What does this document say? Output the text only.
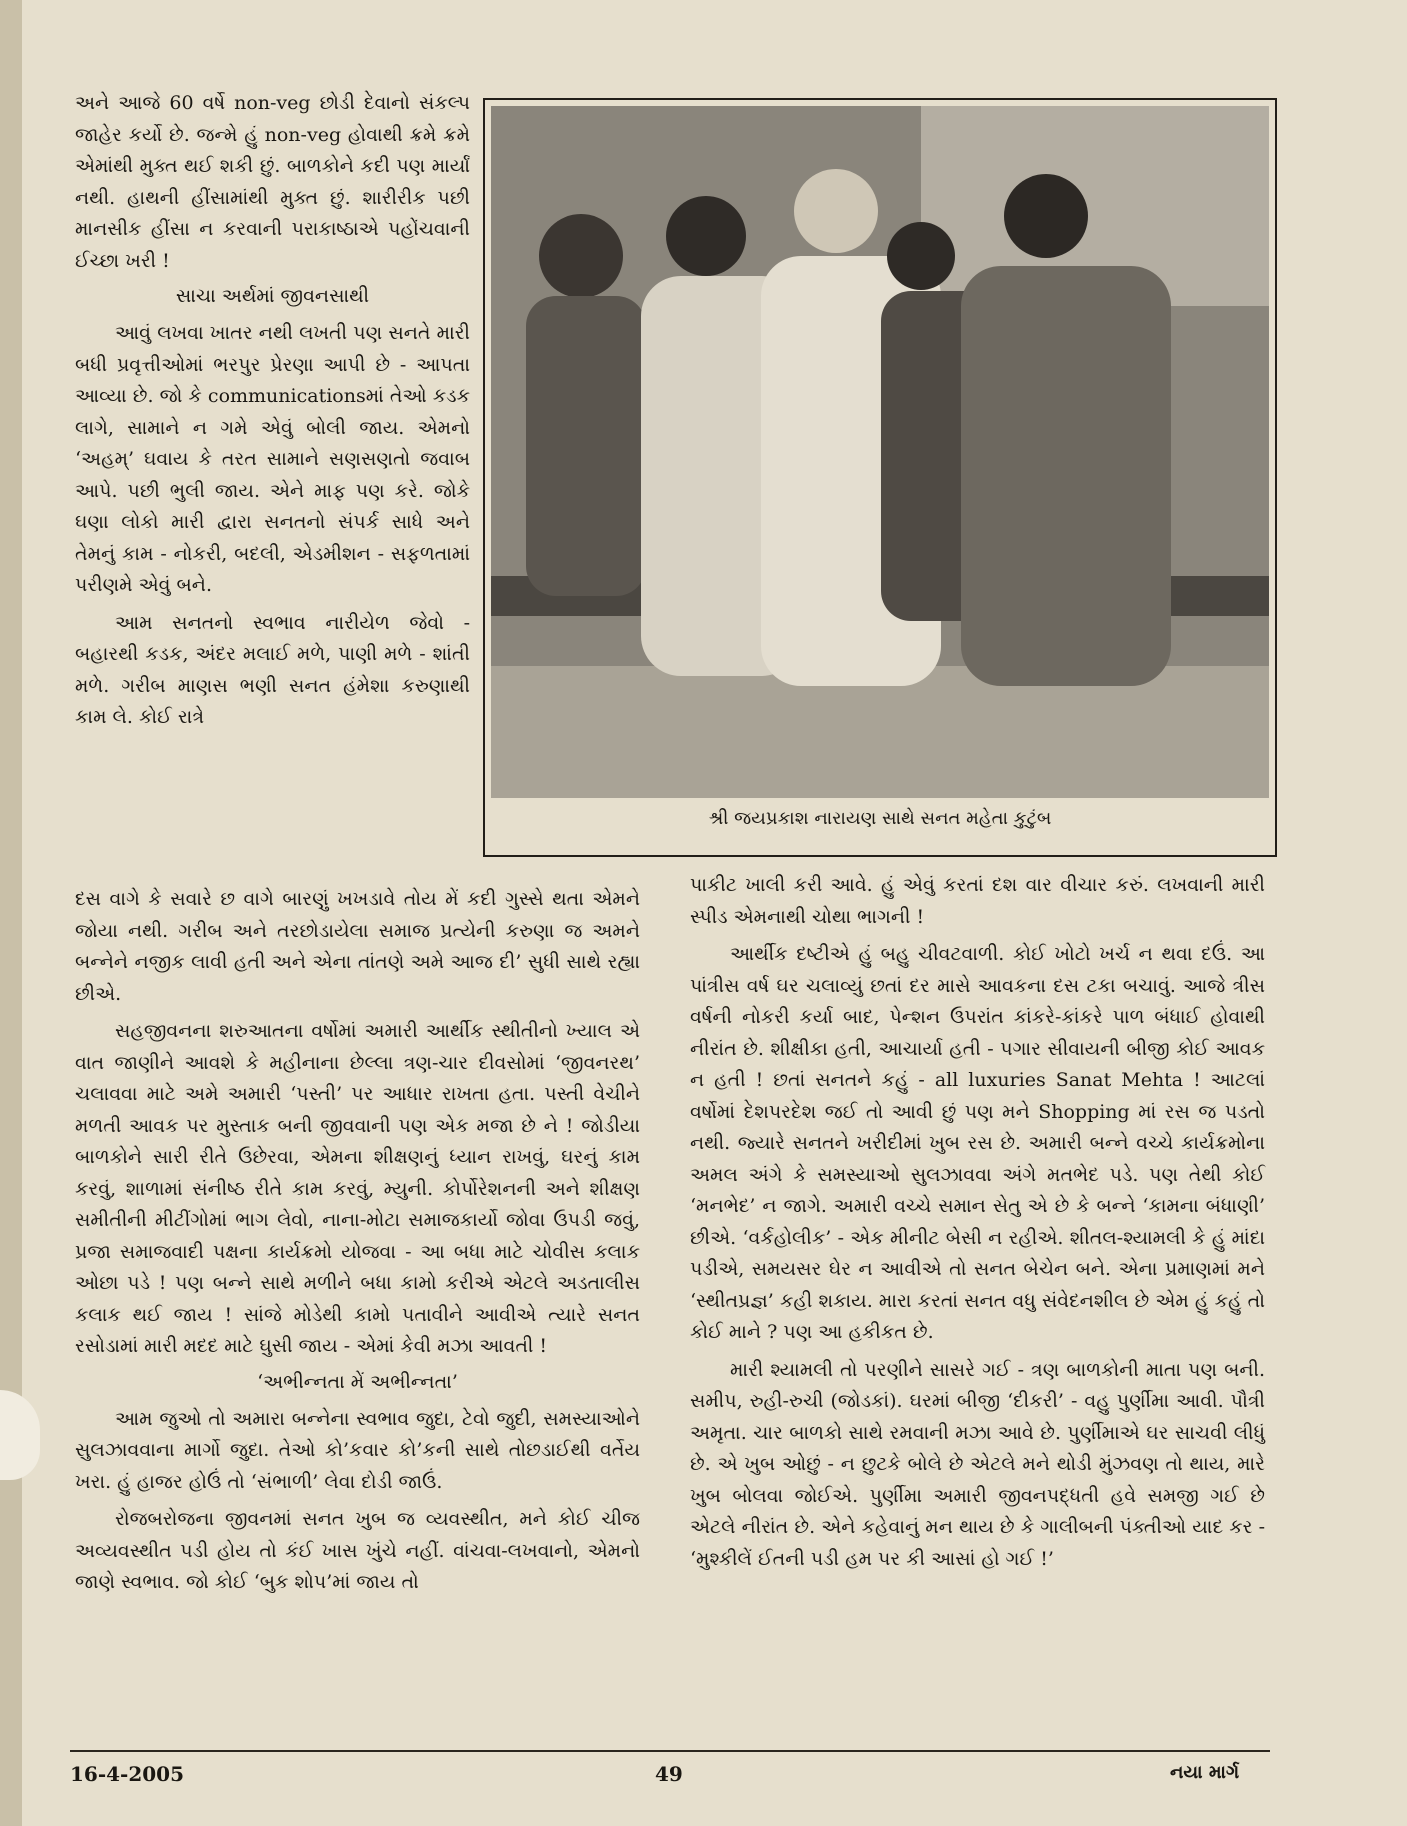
અને આજે 60 વર્ષે non-veg છોડી દેવાનો સંકલ્પ જાહેર કર્યો છે. જન્મે હું non-veg હોવાથી ક્રમે ક્રમે એમાંથી મુક્ત થઈ શકી છું. બાળકોને કદી પણ માર્યાં નથી. હાથની હીંસામાંથી મુક્ત છું. શારીરીક પછી માનસીક હીંસા ન કરવાની પરાકાષ્ઠાએ પહોંચવાની ઈચ્છા ખરી !

સાચા અર્થમાં જીવનસાથી

આવું લખવા ખાતર નથી લખતી પણ સનતે મારી બધી પ્રવૃત્તીઓમાં ભરપુર પ્રેરણા આપી છે - આપતા આવ્યા છે. જો કે communicationsમાં તેઓ કડક લાગે, સામાને ન ગમે એવું બોલી જાય. એમનો ‘અહમ્’ ઘવાય કે તરત સામાને સણસણતો જવાબ આપે. પછી ભુલી જાય. એને માફ પણ કરે. જોકે ઘણા લોકો મારી દ્વારા સનતનો સંપર્ક સાધે અને તેમનું કામ - નોકરી, બદલી, એડમીશન - સફળતામાં પરીણમે એવું બને.

આમ સનતનો સ્વભાવ નારીયેળ જેવો - બહારથી કડક, અંદર મલાઈ મળે, પાણી મળે - શાંતી મળે. ગરીબ માણસ ભણી સનત હંમેશા કરુણાથી કામ લે. કોઈ રાત્રે

શ્રી જયપ્રકાશ નારાયણ સાથે સનત મહેતા કુટુંબ

દસ વાગે કે સવારે છ વાગે બારણું ખખડાવે તોય મેં કદી ગુસ્સે થતા એમને જોયા નથી. ગરીબ અને તરછોડાયેલા સમાજ પ્રત્યેની કરુણા જ અમને બન્નેને નજીક લાવી હતી અને એના તાંતણે અમે આજ દી’ સુધી સાથે રહ્યા છીએ.

સહજીવનના શરુઆતના વર્ષોમાં અમારી આર્થીક સ્થીતીનો ખ્યાલ એ વાત જાણીને આવશે કે મહીનાના છેલ્લા ત્રણ-ચાર દીવસોમાં ‘જીવનરથ’ ચલાવવા માટે અમે અમારી ‘પસ્તી’ પર આધાર રાખતા હતા. પસ્તી વેચીને મળતી આવક પર મુસ્તાક બની જીવવાની પણ એક મજા છે ને ! જોડીયા બાળકોને સારી રીતે ઉછેરવા, એમના શીક્ષણનું ધ્યાન રાખવું, ઘરનું કામ કરવું, શાળામાં સંનીષ્ઠ રીતે કામ કરવું, મ્યુની. કોર્પોરેશનની અને શીક્ષણ સમીતીની મીટીંગોમાં ભાગ લેવો, નાના-મોટા સમાજકાર્યો જોવા ઉપડી જવું, પ્રજા સમાજવાદી પક્ષના કાર્યક્રમો યોજવા - આ બધા માટે ચોવીસ કલાક ઓછા પડે ! પણ બન્ને સાથે મળીને બધા કામો કરીએ એટલે અડતાલીસ કલાક થઈ જાય ! સાંજે મોડેથી કામો પતાવીને આવીએ ત્યારે સનત રસોડામાં મારી મદદ માટે ઘુસી જાય - એમાં કેવી મઝા આવતી !

‘અભીન્નતા મેં અભીન્નતા’

આમ જુઓ તો અમારા બન્નેના સ્વભાવ જુદા, ટેવો જુદી, સમસ્યાઓને સુલઝાવવાના માર્ગો જુદા. તેઓ કો’કવાર કો’કની સાથે તોછડાઈથી વર્તેય ખરા. હું હાજર હોઉં તો ‘સંભાળી’ લેવા દોડી જાઉં.

રોજબરોજના જીવનમાં સનત ખુબ જ વ્યવસ્થીત, મને કોઈ ચીજ અવ્યવસ્થીત પડી હોય તો કંઈ ખાસ ખુંચે નહીં. વાંચવા-લખવાનો, એમનો જાણે સ્વભાવ. જો કોઈ ‘બુક શોપ’માં જાય તો

પાકીટ ખાલી કરી આવે. હું એવું કરતાં દશ વાર વીચાર કરું. લખવાની મારી સ્પીડ એમનાથી ચોથા ભાગની !

આર્થીક દષ્ટીએ હું બહુ ચીવટવાળી. કોઈ ખોટો ખર્ચ ન થવા દઉં. આ પાંત્રીસ વર્ષ ઘર ચલાવ્યું છતાં દર માસે આવકના દસ ટકા બચાવું. આજે ત્રીસ વર્ષની નોકરી કર્યા બાદ, પેન્શન ઉપરાંત કાંકરે-કાંકરે પાળ બંધાઈ હોવાથી નીરાંત છે. શીક્ષીકા હતી, આચાર્યા હતી - પગાર સીવાયની બીજી કોઈ આવક ન હતી ! છતાં સનતને કહું - all luxuries Sanat Mehta ! આટલાં વર્ષોમાં દેશપરદેશ જઈ તો આવી છું પણ મને Shopping માં રસ જ પડતો નથી. જ્યારે સનતને ખરીદીમાં ખુબ રસ છે. અમારી બન્ને વચ્ચે કાર્યક્રમોના અમલ અંગે કે સમસ્યાઓ સુલઝાવવા અંગે મતભેદ પડે. પણ તેથી કોઈ ‘મનભેદ’ ન જાગે. અમારી વચ્ચે સમાન સેતુ એ છે કે બન્ને ‘કામના બંધાણી’ છીએ. ‘વર્કહોલીક’ - એક મીનીટ બેસી ન રહીએ. શીતલ-શ્યામલી કે હું માંદા પડીએ, સમયસર ઘેર ન આવીએ તો સનત બેચેન બને. એના પ્રમાણમાં મને ‘સ્થીતપ્રજ્ઞ’ કહી શકાય. મારા કરતાં સનત વધુ સંવેદનશીલ છે એમ હું કહું તો કોઈ માને ? પણ આ હકીકત છે.

મારી શ્યામલી તો પરણીને સાસરે ગઈ - ત્રણ બાળકોની માતા પણ બની. સમીપ, રુહી-રુચી (જોડકાં). ઘરમાં બીજી ‘દીકરી’ - વહુ પુર્ણીમા આવી. પૌત્રી અમૃતા. ચાર બાળકો સાથે રમવાની મઝા આવે છે. પુર્ણીમાએ ઘર સાચવી લીધું છે. એ ખુબ ઓછું - ન છુટકે બોલે છે એટલે મને થોડી મુંઝવણ તો થાય, મારે ખુબ બોલવા જોઈએ. પુર્ણીમા અમારી જીવનપદ્ધતી હવે સમજી ગઈ છે એટલે નીરાંત છે. એને કહેવાનું મન થાય છે કે ગાલીબની પંક્તીઓ યાદ કર - ‘મુશ્કીલેં ઈતની પડી હમ પર કી આસાં હો ગઈ !’

16-4-2005	49	નયા માર્ગ
